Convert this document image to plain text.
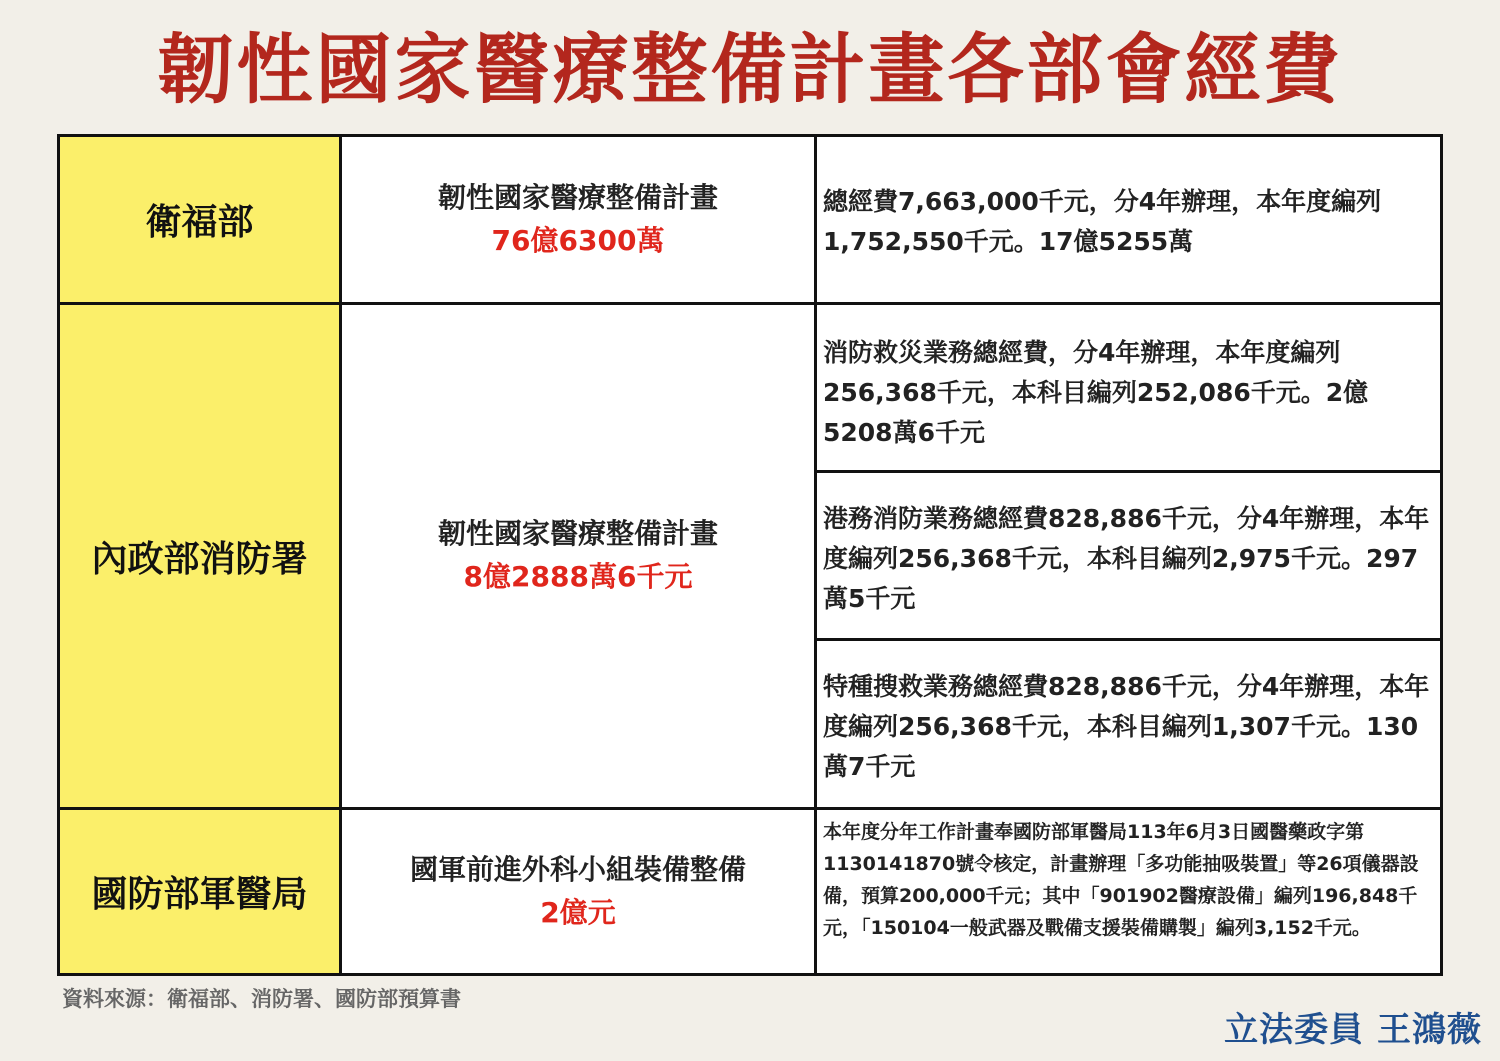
韌性國家醫療整備計畫各部會經費
衛福部
韌性國家醫療整備計畫
76億6300萬
總經費7,663,000千元，分4年辦理，本年度編列1,752,550千元。17億5255萬
內政部消防署
韌性國家醫療整備計畫
8億2888萬6千元
消防救災業務總經費，分4年辦理，本年度編列256,368千元，本科目編列252,086千元。2億5208萬6千元
港務消防業務總經費828,886千元，分4年辦理，本年度編列256,368千元，本科目編列2,975千元。297萬5千元
特種搜救業務總經費828,886千元，分4年辦理，本年度編列256,368千元，本科目編列1,307千元。130萬7千元
國防部軍醫局
國軍前進外科小組裝備整備
2億元
本年度分年工作計畫奉國防部軍醫局113年6月3日國醫藥政字第1130141870號令核定，計畫辦理「多功能抽吸裝置」等26項儀器設備，預算200,000千元；其中「901902醫療設備」編列196,848千元，「150104一般武器及戰備支援裝備購製」編列3,152千元。
資料來源：衛福部、消防署、國防部預算書
立法委員 王鴻薇
